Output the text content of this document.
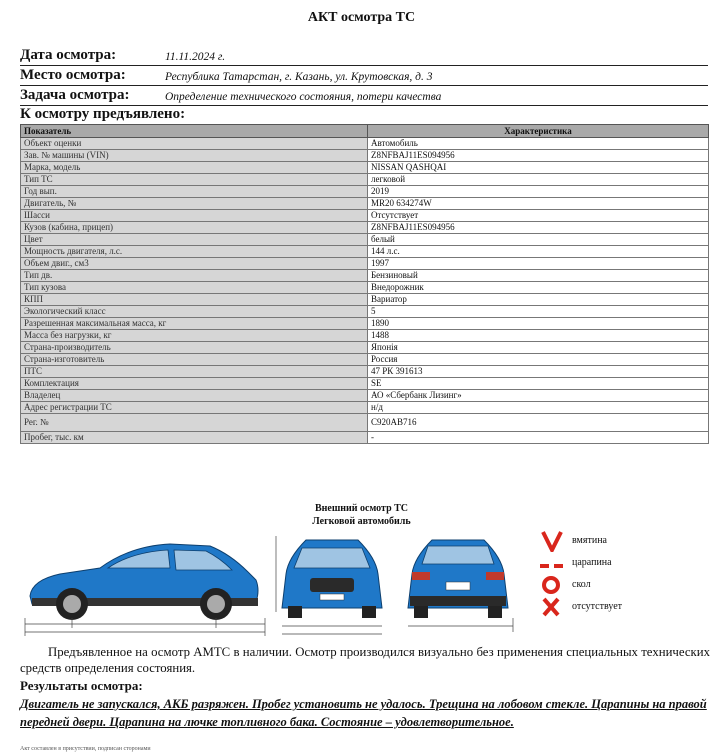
АКТ осмотра ТС
Дата осмотра:	11.11.2024 г.
Место осмотра:	Республика Татарстан, г. Казань, ул. Крутовская, д. 3
Задача осмотра:	Определение технического состояния, потери качества
К осмотру предъявлено:
Показатель	Характеристика
Объект оценки	Автомобиль
Зав. № машины (VIN)	Z8NFBAJ11ES094956
Марка, модель	NISSAN QASHQAI
Тип ТС	легковой
Год вып.	2019
Двигатель, №	MR20 634274W
Шасси	Отсутствует
Кузов (кабина, прицеп)	Z8NFBAJ11ES094956
Цвет	белый
Мощность двигателя, л.с.	144 л.с.
Объем двиг., см3	1997
Тип дв.	Бензиновый
Тип кузова	Внедорожник
КПП	Вариатор
Экологический класс	5
Разрешенная максимальная масса, кг	1890
Масса без нагрузки, кг	1488
Страна-производитель	Японія
Страна-изготовитель	Россия
ПТС	47 РК 391613
Комплектация	SE
Владелец	АО «Сбербанк Лизинг»
Адрес регистрации ТС	н/д
Рег. №	С920АВ716
Пробег, тыс. км	-
Внешний осмотр ТС
Легковой автомобиль
вмятина
царапина
скол
отсутствует
Предъявленное на осмотр АМТС в наличии. Осмотр производился визуально без применения специальных технических средств определения состояния.
Результаты осмотра:
Двигатель не запускался, АКБ разряжен. Пробег установить не удалось. Трещина на лобовом стекле. Царапины на правой передней двери. Царапина на лючке топливного бака. Состояние – удовлетворительное.
Акт составлен в присутствии, подписан сторонами
